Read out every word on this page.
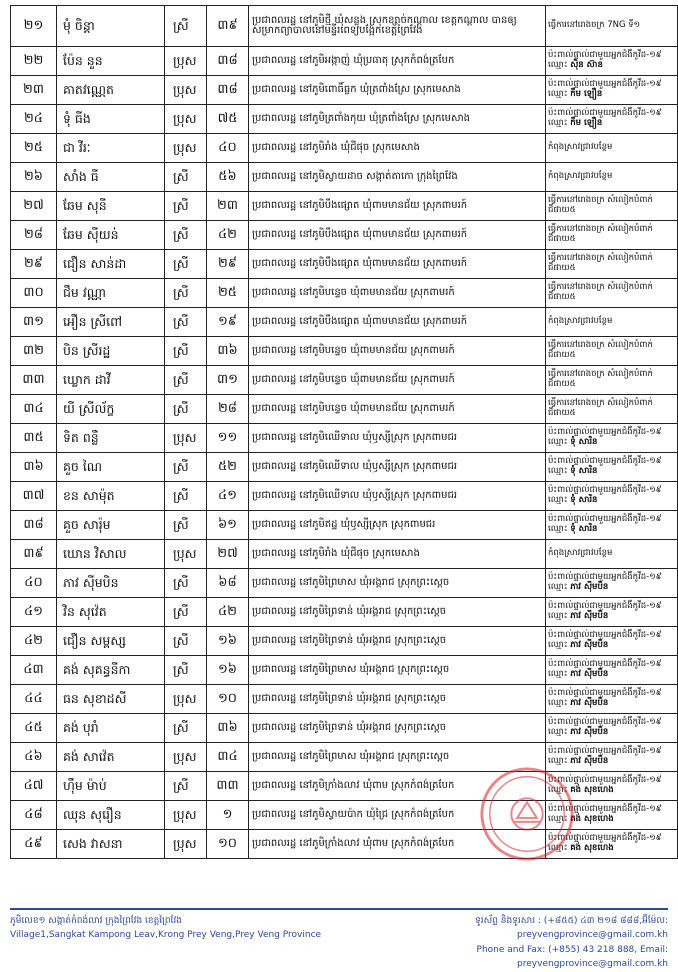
២១	មុំ ចិន្តា	ស្រី	៣៩	ប្រជាពលរដ្ឋ នៅភូមិថ្មី ឃុំសន្លុង ស្រុកខ្សាច់កណ្ដាល ខេត្តកណ្ដាល បានឲ្យសម្រាកព្យាបាលនៅមន្ទីរពេទ្យបង្អែកខេត្តព្រៃវែង	ធ្វើការនៅរោងចក្រ 7NG ទី១
២២	ប៉ែន នួន	ប្រុស	៣៨	ប្រជាពលរដ្ឋ នៅភូមិអង្កាញ់ ឃុំប្រធាតុ ស្រុកកំពង់ត្របែក	ប៉ះពាល់ផ្ទាល់ជាមួយអ្នកជំងឺកូវីដ-១៩ ឈ្មោះ ស៊ិន ស៊ាន
២៣	គាតវណ្ណេត	ប្រុស	៣៨	ប្រជាពលរដ្ឋ នៅភូមិពោធិ៍ធ្លក ឃុំត្រពាំងស្រែ ស្រុកមេសាង	ប៉ះពាល់ផ្ទាល់ជាមួយអ្នកជំងឺកូវីដ-១៩ ឈ្មោះ កឹម ឡឿន
២៤	ទុំ ធីង	ប្រុស	៧៥	ប្រជាពលរដ្ឋ នៅភូមិត្រពាំងកុយ ឃុំត្រពាំងស្រែ ស្រុកមេសាង	ប៉ះពាល់ផ្ទាល់ជាមួយអ្នកជំងឺកូវីដ-១៩ ឈ្មោះ កឹម ឡឿន
២៥	ជា វីរៈ	ប្រុស	៤០	ប្រជាពលរដ្ឋ នៅភូមិរាំង ឃុំជីផុច ស្រុកមេសាង	កំពុងស្រាវជ្រាវបន្ថែម
២៦	សាំង ធី	ស្រី	៥៦	ប្រជាពលរដ្ឋ នៅភូមិស្វាយដាច សង្កាត់តាកោ ក្រុងព្រៃវែង	កំពុងស្រាវជ្រាវបន្ថែម
២៧	ឆែម សុនី	ស្រី	២៣	ប្រជាពលរដ្ឋ នៅភូមិបឹងផ្សោត ឃុំពាមមានជ័យ ស្រុកពាមរក៍	ធ្វើការនៅរោងចក្រ សំលៀកបំពាក់ ជីផាយ៥
២៨	ឆែម ស៊ីយន់	ស្រី	៤២	ប្រជាពលរដ្ឋ នៅភូមិបឹងផ្សោត ឃុំពាមមានជ័យ ស្រុកពាមរក៍	ធ្វើការនៅរោងចក្រ សំលៀកបំពាក់ ជីផាយ៥
២៩	ជឿន សាន់ដា	ស្រី	២៩	ប្រជាពលរដ្ឋ នៅភូមិបឹងផ្សោត ឃុំពាមមានជ័យ ស្រុកពាមរក៍	ធ្វើការនៅរោងចក្រ សំលៀកបំពាក់ ជីផាយ៥
៣០	ជឹម វណ្ណា	ស្រី	២៥	ប្រជាពលរដ្ឋ នៅភូមិបន្ទេច ឃុំពាមមានជ័យ ស្រុកពាមរក៍	ធ្វើការនៅរោងចក្រ សំលៀកបំពាក់ ជីផាយ៥
៣១	អឿន ស្រីពៅ	ស្រី	១៩	ប្រជាពលរដ្ឋ នៅភូមិបឹងផ្សោត ឃុំពាមមានជ័យ ស្រុកពាមរក៍	កំពុងស្រាវជ្រាវបន្ថែម
៣២	បិន ស្រីរដ្ឋ	ស្រី	៣៦	ប្រជាពលរដ្ឋ នៅភូមិបន្ទេច ឃុំពាមមានជ័យ ស្រុកពាមរក៍	ធ្វើការនៅរោងចក្រ សំលៀកបំពាក់ ជីផាយ៥
៣៣	ឃ្លោក ដាវី	ស្រី	៣១	ប្រជាពលរដ្ឋ នៅភូមិបន្ទេច ឃុំពាមមានជ័យ ស្រុកពាមរក៍	ធ្វើការនៅរោងចក្រ សំលៀកបំពាក់ ជីផាយ៥
៣៤	យី ស្រីល័ក្ខ	ស្រី	២៨	ប្រជាពលរដ្ឋ នៅភូមិបន្ទេច ឃុំពាមមានជ័យ ស្រុកពាមរក៍	ធ្វើការនៅរោងចក្រ សំលៀកបំពាក់ ជីផាយ៥
៣៥	ទិត ពន្លឺ	ប្រុស	១១	ប្រជាពលរដ្ឋ នៅភូមិឈើទាល ឃុំឫស្សីស្រុក ស្រុកពាមជរ	ប៉ះពាល់ផ្ទាល់ជាមួយអ្នកជំងឺកូវីដ-១៩ ឈ្មោះ ទុំ សារិន
៣៦	គួច ណៃ	ស្រី	៥២	ប្រជាពលរដ្ឋ នៅភូមិឈើទាល ឃុំឫស្សីស្រុក ស្រុកពាមជរ	ប៉ះពាល់ផ្ទាល់ជាមួយអ្នកជំងឺកូវីដ-១៩ ឈ្មោះ ទុំ សារិន
៣៧	ខន សាម៉ុត	ស្រី	៤១	ប្រជាពលរដ្ឋ នៅភូមិឈើទាល ឃុំឫស្សីស្រុក ស្រុកពាមជរ	ប៉ះពាល់ផ្ទាល់ជាមួយអ្នកជំងឺកូវីដ-១៩ ឈ្មោះ ទុំ សារិន
៣៨	គួច សារ៉ុម	ស្រី	៦១	ប្រជាពលរដ្ឋ នៅភូមិឥដ្ឋ ឃុំឫស្សីស្រុក ស្រុកពាមជរ	ប៉ះពាល់ផ្ទាល់ជាមួយអ្នកជំងឺកូវីដ-១៩ ឈ្មោះ ទុំ សារិន
៣៩	ឃោន វិសាល	ប្រុស	២៧	ប្រជាពលរដ្ឋ នៅភូមិរាំង ឃុំជីផុច ស្រុកមេសាង	កំពុងស្រាវជ្រាវបន្ថែម
៤០	ភាវ ស៊ីមបិន	ស្រី	៦៨	ប្រជាពលរដ្ឋ នៅភូមិព្រៃមាស ឃុំអង្គរាជ ស្រុកព្រះស្ដេច	ប៉ះពាល់ផ្ទាល់ជាមួយអ្នកជំងឺកូវីដ-១៩ ឈ្មោះ ភាវ ស៊ីមបិន
៤១	វិន សុវ៉េត	ស្រី	៤២	ប្រជាពលរដ្ឋ នៅភូមិព្រៃទាន់ ឃុំអង្គរាជ ស្រុកព្រះស្ដេច	ប៉ះពាល់ផ្ទាល់ជាមួយអ្នកជំងឺកូវីដ-១៩ ឈ្មោះ ភាវ ស៊ីមបិន
៤២	ជឿន សម្ពស្ស	ស្រី	១៦	ប្រជាពលរដ្ឋ នៅភូមិព្រៃទាន់ ឃុំអង្គរាជ ស្រុកព្រះស្ដេច	ប៉ះពាល់ផ្ទាល់ជាមួយអ្នកជំងឺកូវីដ-១៩ ឈ្មោះ ភាវ ស៊ីមបិន
៤៣	គង់ សុគន្ធនីកា	ស្រី	១៦	ប្រជាពលរដ្ឋ នៅភូមិព្រៃមាស ឃុំអង្គរាជ ស្រុកព្រះស្ដេច	ប៉ះពាល់ផ្ទាល់ជាមួយអ្នកជំងឺកូវីដ-១៩ ឈ្មោះ ភាវ ស៊ីមបិន
៤៤	ធន សុខាដសី	ប្រុស	១០	ប្រជាពលរដ្ឋ នៅភូមិព្រៃទាន់ ឃុំអង្គរាជ ស្រុកព្រះស្ដេច	ប៉ះពាល់ផ្ទាល់ជាមួយអ្នកជំងឺកូវីដ-១៩ ឈ្មោះ ភាវ ស៊ីមបិន
៤៥	គង់ បុរាំ	ស្រី	៣៦	ប្រជាពលរដ្ឋ នៅភូមិព្រៃទាន់ ឃុំអង្គរាជ ស្រុកព្រះស្ដេច	ប៉ះពាល់ផ្ទាល់ជាមួយអ្នកជំងឺកូវីដ-១៩ ឈ្មោះ ភាវ ស៊ីមបិន
៤៦	គង់ សាវ៉េត	ប្រុស	៣៤	ប្រជាពលរដ្ឋ នៅភូមិព្រៃមាស ឃុំអង្គរាជ ស្រុកព្រះស្ដេច	ប៉ះពាល់ផ្ទាល់ជាមួយអ្នកជំងឺកូវីដ-១៩ ឈ្មោះ ភាវ ស៊ីមបិន
៤៧	ហ៊ឹម ម៉ាប់	ស្រី	៣៣	ប្រជាពលរដ្ឋ នៅភូមិក្រាំងលាវ ឃុំពាម ស្រុកកំពង់ត្របែក	ប៉ះពាល់ផ្ទាល់ជាមួយអ្នកជំងឺកូវីដ-១៩ ឈ្មោះ គង់ សុខហេង
៤៨	ឈុន សុរឿន	ប្រុស	១	ប្រជាពលរដ្ឋ នៅភូមិស្វាយប៉ាក ឃុំជ្រៃ ស្រុកកំពង់ត្របែក	ប៉ះពាល់ផ្ទាល់ជាមួយអ្នកជំងឺកូវីដ-១៩ ឈ្មោះ គង់ សុខហេង
៤៩	សេង វាសនា	ប្រុស	១០	ប្រជាពលរដ្ឋ នៅភូមិក្រាំងលាវ ឃុំពាម ស្រុកកំពង់ត្របែក	ប៉ះពាល់ផ្ទាល់ជាមួយអ្នកជំងឺកូវីដ-១៩ ឈ្មោះ គង់ សុខហេង
ភូមិលេខ១ សង្កាត់កំពង់លាវ ក្រុងព្រៃវែង ខេត្តព្រៃវែង
Village1,Sangkat Kampong Leav,Krong Prey Veng,Prey Veng Province
ទូរស័ព្ទ និងទូរសារ : (+៨៥៥) ៤៣ ២១៨ ៨៨៨,អ៊ីម៉ែល: preyvengprovince@gmail.com.kh
Phone and Fax: (+855) 43 218 888, Email: preyvengprovince@gmail.com.kh
